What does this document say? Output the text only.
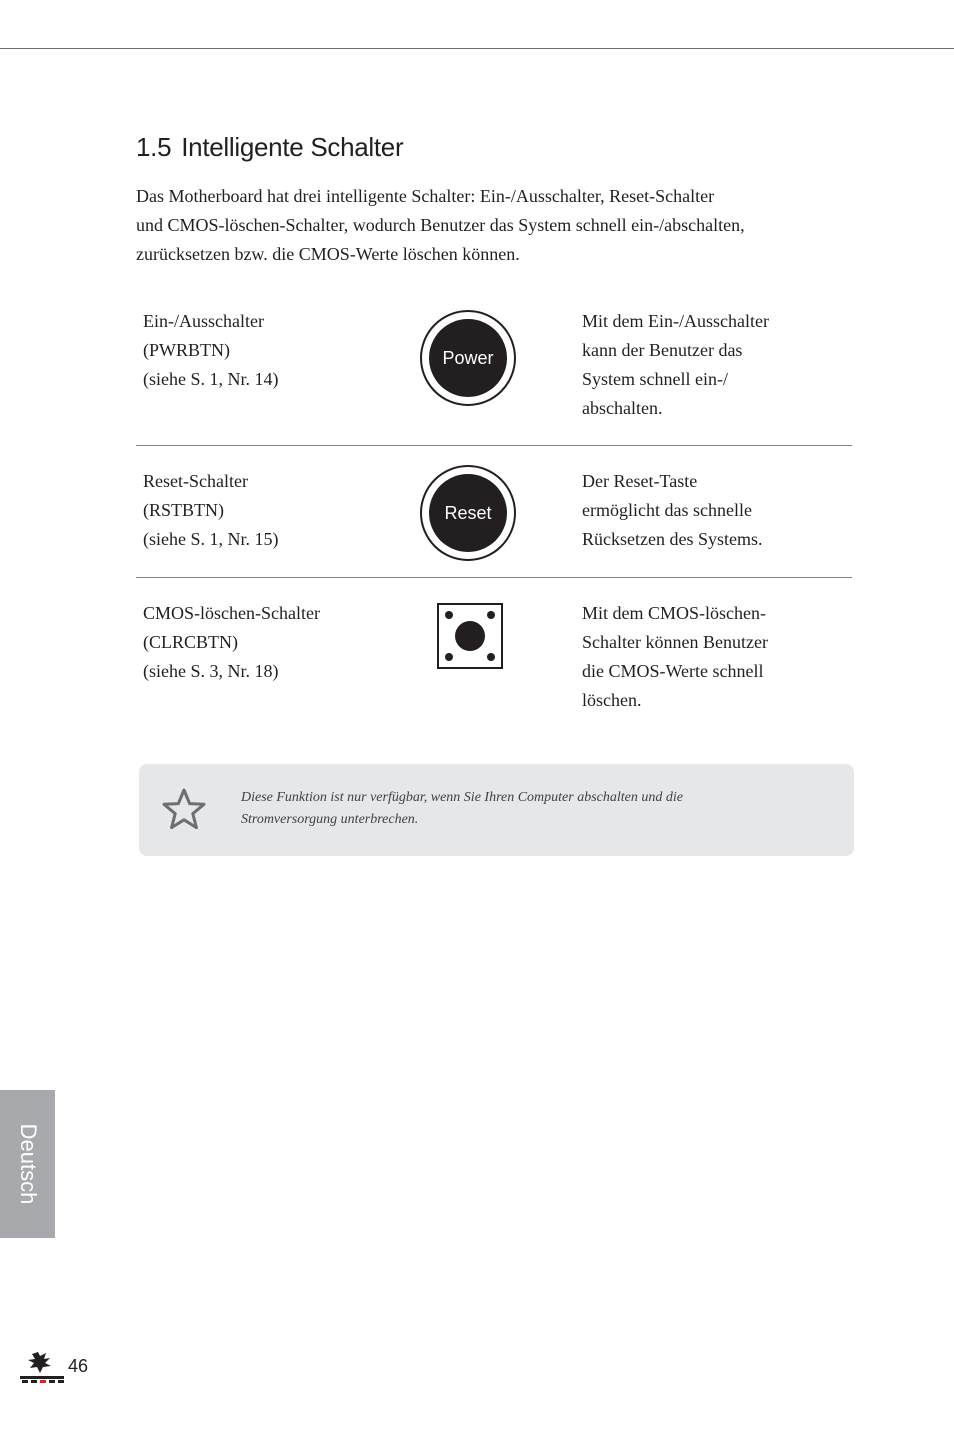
1.5 Intelligente Schalter

Das Motherboard hat drei intelligente Schalter: Ein-/Ausschalter, Reset-Schalter
und CMOS-löschen-Schalter, wodurch Benutzer das System schnell ein-/abschalten,
zurücksetzen bzw. die CMOS-Werte löschen können.

Ein-/Ausschalter
(PWRBTN)
(siehe S. 1, Nr. 14)
Mit dem Ein-/Ausschalter
kann der Benutzer das
System schnell ein-/
abschalten.
Power
Reset-Schalter
(RSTBTN)
(siehe S. 1, Nr. 15)
Der Reset-Taste
ermöglicht das schnelle
Rücksetzen des Systems.
Reset
CMOS-löschen-Schalter
(CLRCBTN)
(siehe S. 3, Nr. 18)
Mit dem CMOS-löschen-
Schalter können Benutzer
die CMOS-Werte schnell
löschen.
Diese Funktion ist nur verfügbar, wenn Sie Ihren Computer abschalten und die
Stromversorgung unterbrechen.
Deutsch
46
